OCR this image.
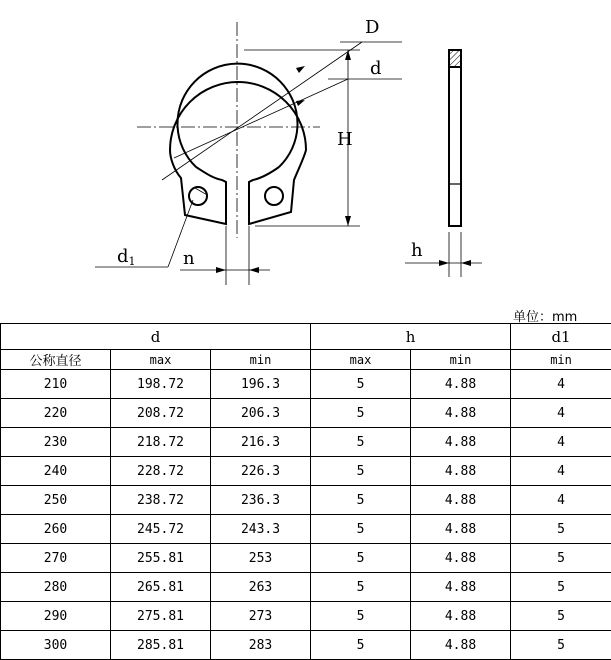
D
d
H
d1	n	h
单位：mm
d			h		d1
公称直径	max	min	max	min	min
210	198.72	196.3	5	4.88	4
220	208.72	206.3	5	4.88	4
230	218.72	216.3	5	4.88	4
240	228.72	226.3	5	4.88	4
250	238.72	236.3	5	4.88	4
260	245.72	243.3	5	4.88	5
270	255.81	253	5	4.88	5
280	265.81	263	5	4.88	5
290	275.81	273	5	4.88	5
300	285.81	283	5	4.88	5
